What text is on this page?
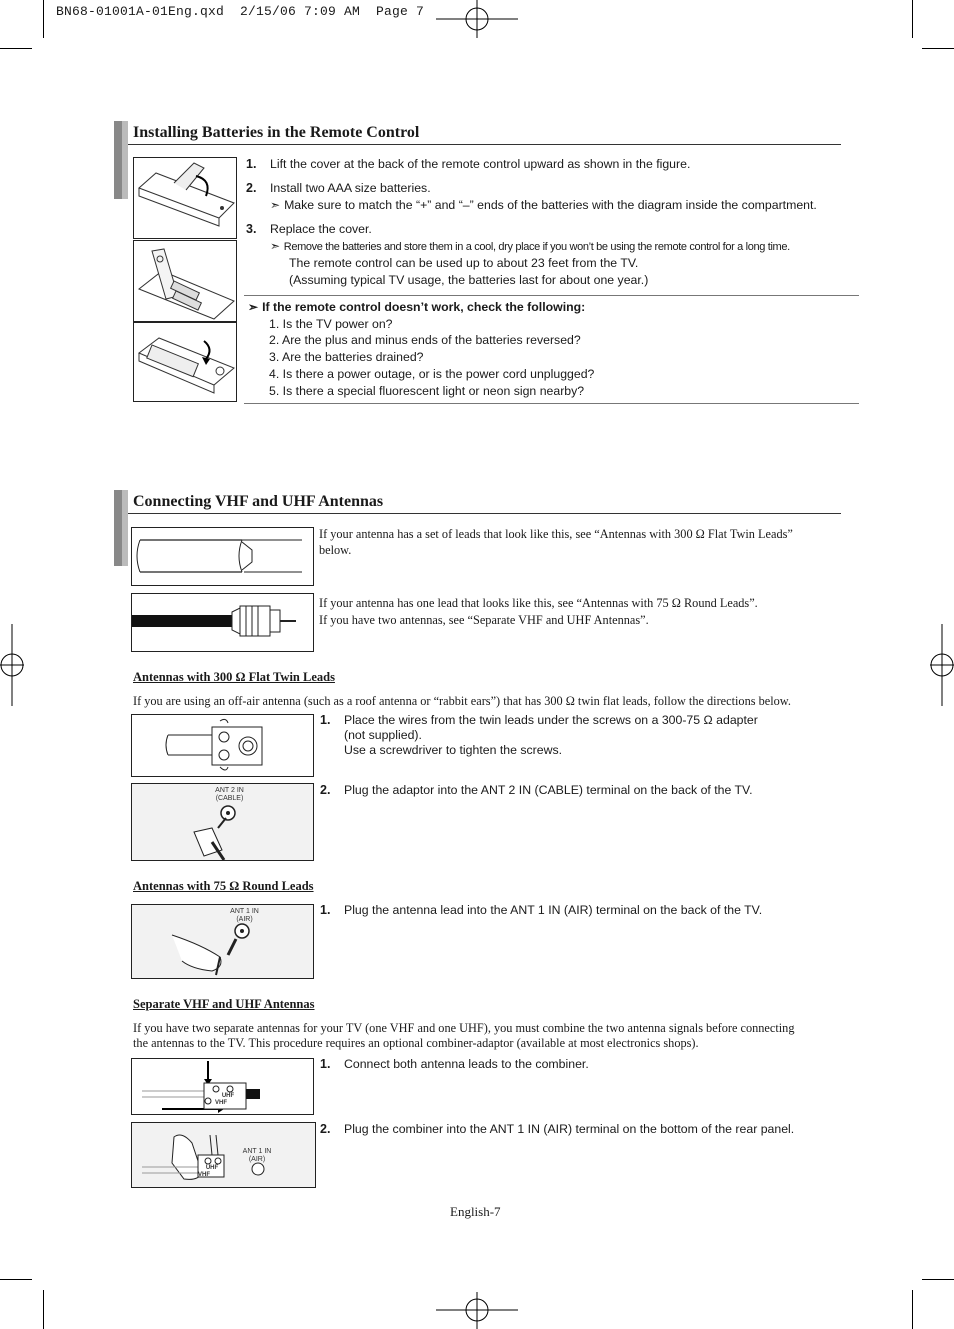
BN68-01001A-01Eng.qxd  2/15/06 7:09 AM  Page 7
Installing Batteries in the Remote Control
1. Lift the cover at the back of the remote control upward as shown in the figure.
2. Install two AAA size batteries.
➣ Make sure to match the “+” and “–” ends of the batteries with the diagram inside the compartment.
3. Replace the cover.
➣ Remove the batteries and store them in a cool, dry place if you won’t be using the remote control for a long time.
The remote control can be used up to about 23 feet from the TV.
(Assuming typical TV usage, the batteries last for about one year.)
➣ If the remote control doesn’t work, check the following:
1. Is the TV power on?
2. Are the plus and minus ends of the batteries reversed?
3. Are the batteries drained?
4. Is there a power outage, or is the power cord unplugged?
5. Is there a special fluorescent light or neon sign nearby?
Connecting VHF and UHF Antennas
If your antenna has a set of leads that look like this, see “Antennas with 300 Ω Flat Twin Leads”
below.
If your antenna has one lead that looks like this, see “Antennas with 75 Ω Round Leads”.
If you have two antennas, see “Separate VHF and UHF Antennas”.
Antennas with 300 Ω Flat Twin Leads
If you are using an off-air antenna (such as a roof antenna or “rabbit ears”) that has 300 Ω twin flat leads, follow the directions below.
1. Place the wires from the twin leads under the screws on a 300-75 Ω adapter
(not supplied).
Use a screwdriver to tighten the screws.
ANT 2 IN
(CABLE)
2. Plug the adaptor into the ANT 2 IN (CABLE) terminal on the back of the TV.
Antennas with 75 Ω Round Leads
ANT 1 IN
(AIR)
1. Plug the antenna lead into the ANT 1 IN (AIR) terminal on the back of the TV.
Separate VHF and UHF Antennas
If you have two separate antennas for your TV (one VHF and one UHF), you must combine the two antenna signals before connecting
the antennas to the TV. This procedure requires an optional combiner-adaptor (available at most electronics shops).
UHF
VHF
1. Connect both antenna leads to the combiner.
ANT 1 IN
(AIR)
UHF
VHF
2. Plug the combiner into the ANT 1 IN (AIR) terminal on the bottom of the rear panel.
English-7
